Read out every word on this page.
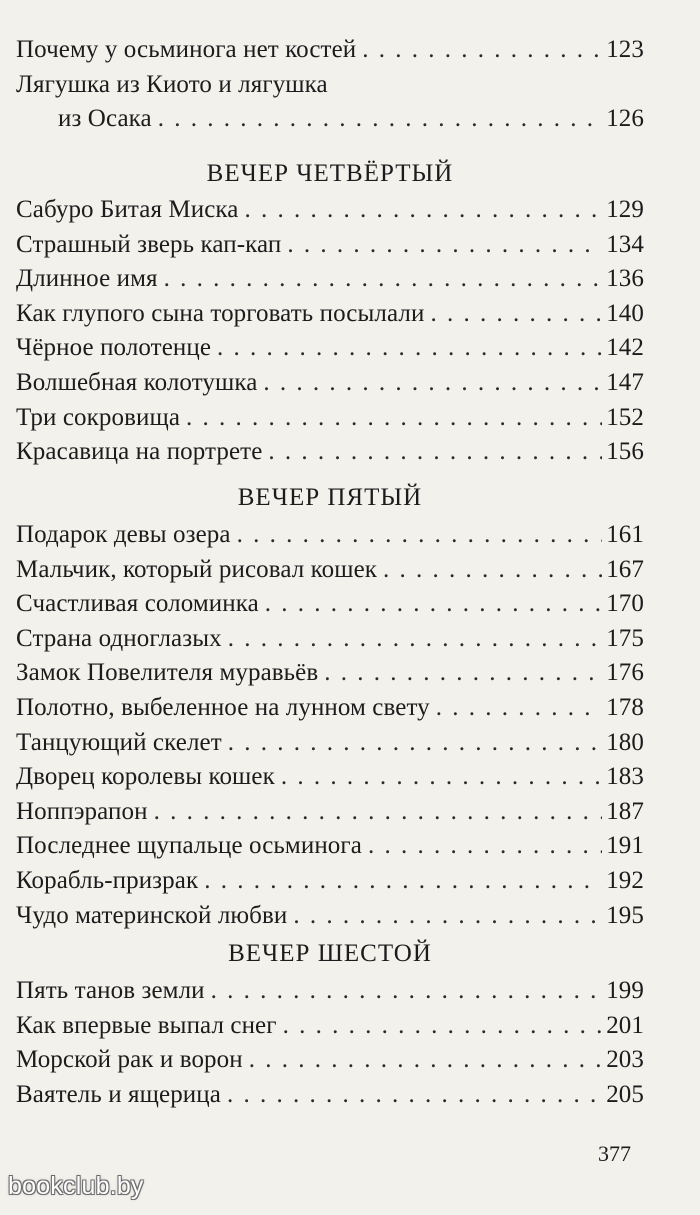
Почему у осьминога нет костей . . .	123
Лягушка из Киото и лягушка
из Осака . . .	126
ВЕЧЕР ЧЕТВЁРТЫЙ
Сабуро Битая Миска . . .	129
Страшный зверь кап-кап . . .	134
Длинное имя . . .	136
Как глупого сына торговать посылали . . .	140
Чёрное полотенце . . .	142
Волшебная колотушка . . .	147
Три сокровища . . .	152
Красавица на портрете . . .	156
ВЕЧЕР ПЯТЫЙ
Подарок девы озера . . .	161
Мальчик, который рисовал кошек . . .	167
Счастливая соломинка . . .	170
Страна одноглазых . . .	175
Замок Повелителя муравьёв . . .	176
Полотно, выбеленное на лунном свету . . .	178
Танцующий скелет . . .	180
Дворец королевы кошек . . .	183
Ноппэрапон . . .	187
Последнее щупальце осьминога . . .	191
Корабль-призрак . . .	192
Чудо материнской любви . . .	195
ВЕЧЕР ШЕСТОЙ
Пять танов земли . . .	199
Как впервые выпал снег . . .	201
Морской рак и ворон . . .	203
Ваятель и ящерица . . .	205
377
bookclub.by
